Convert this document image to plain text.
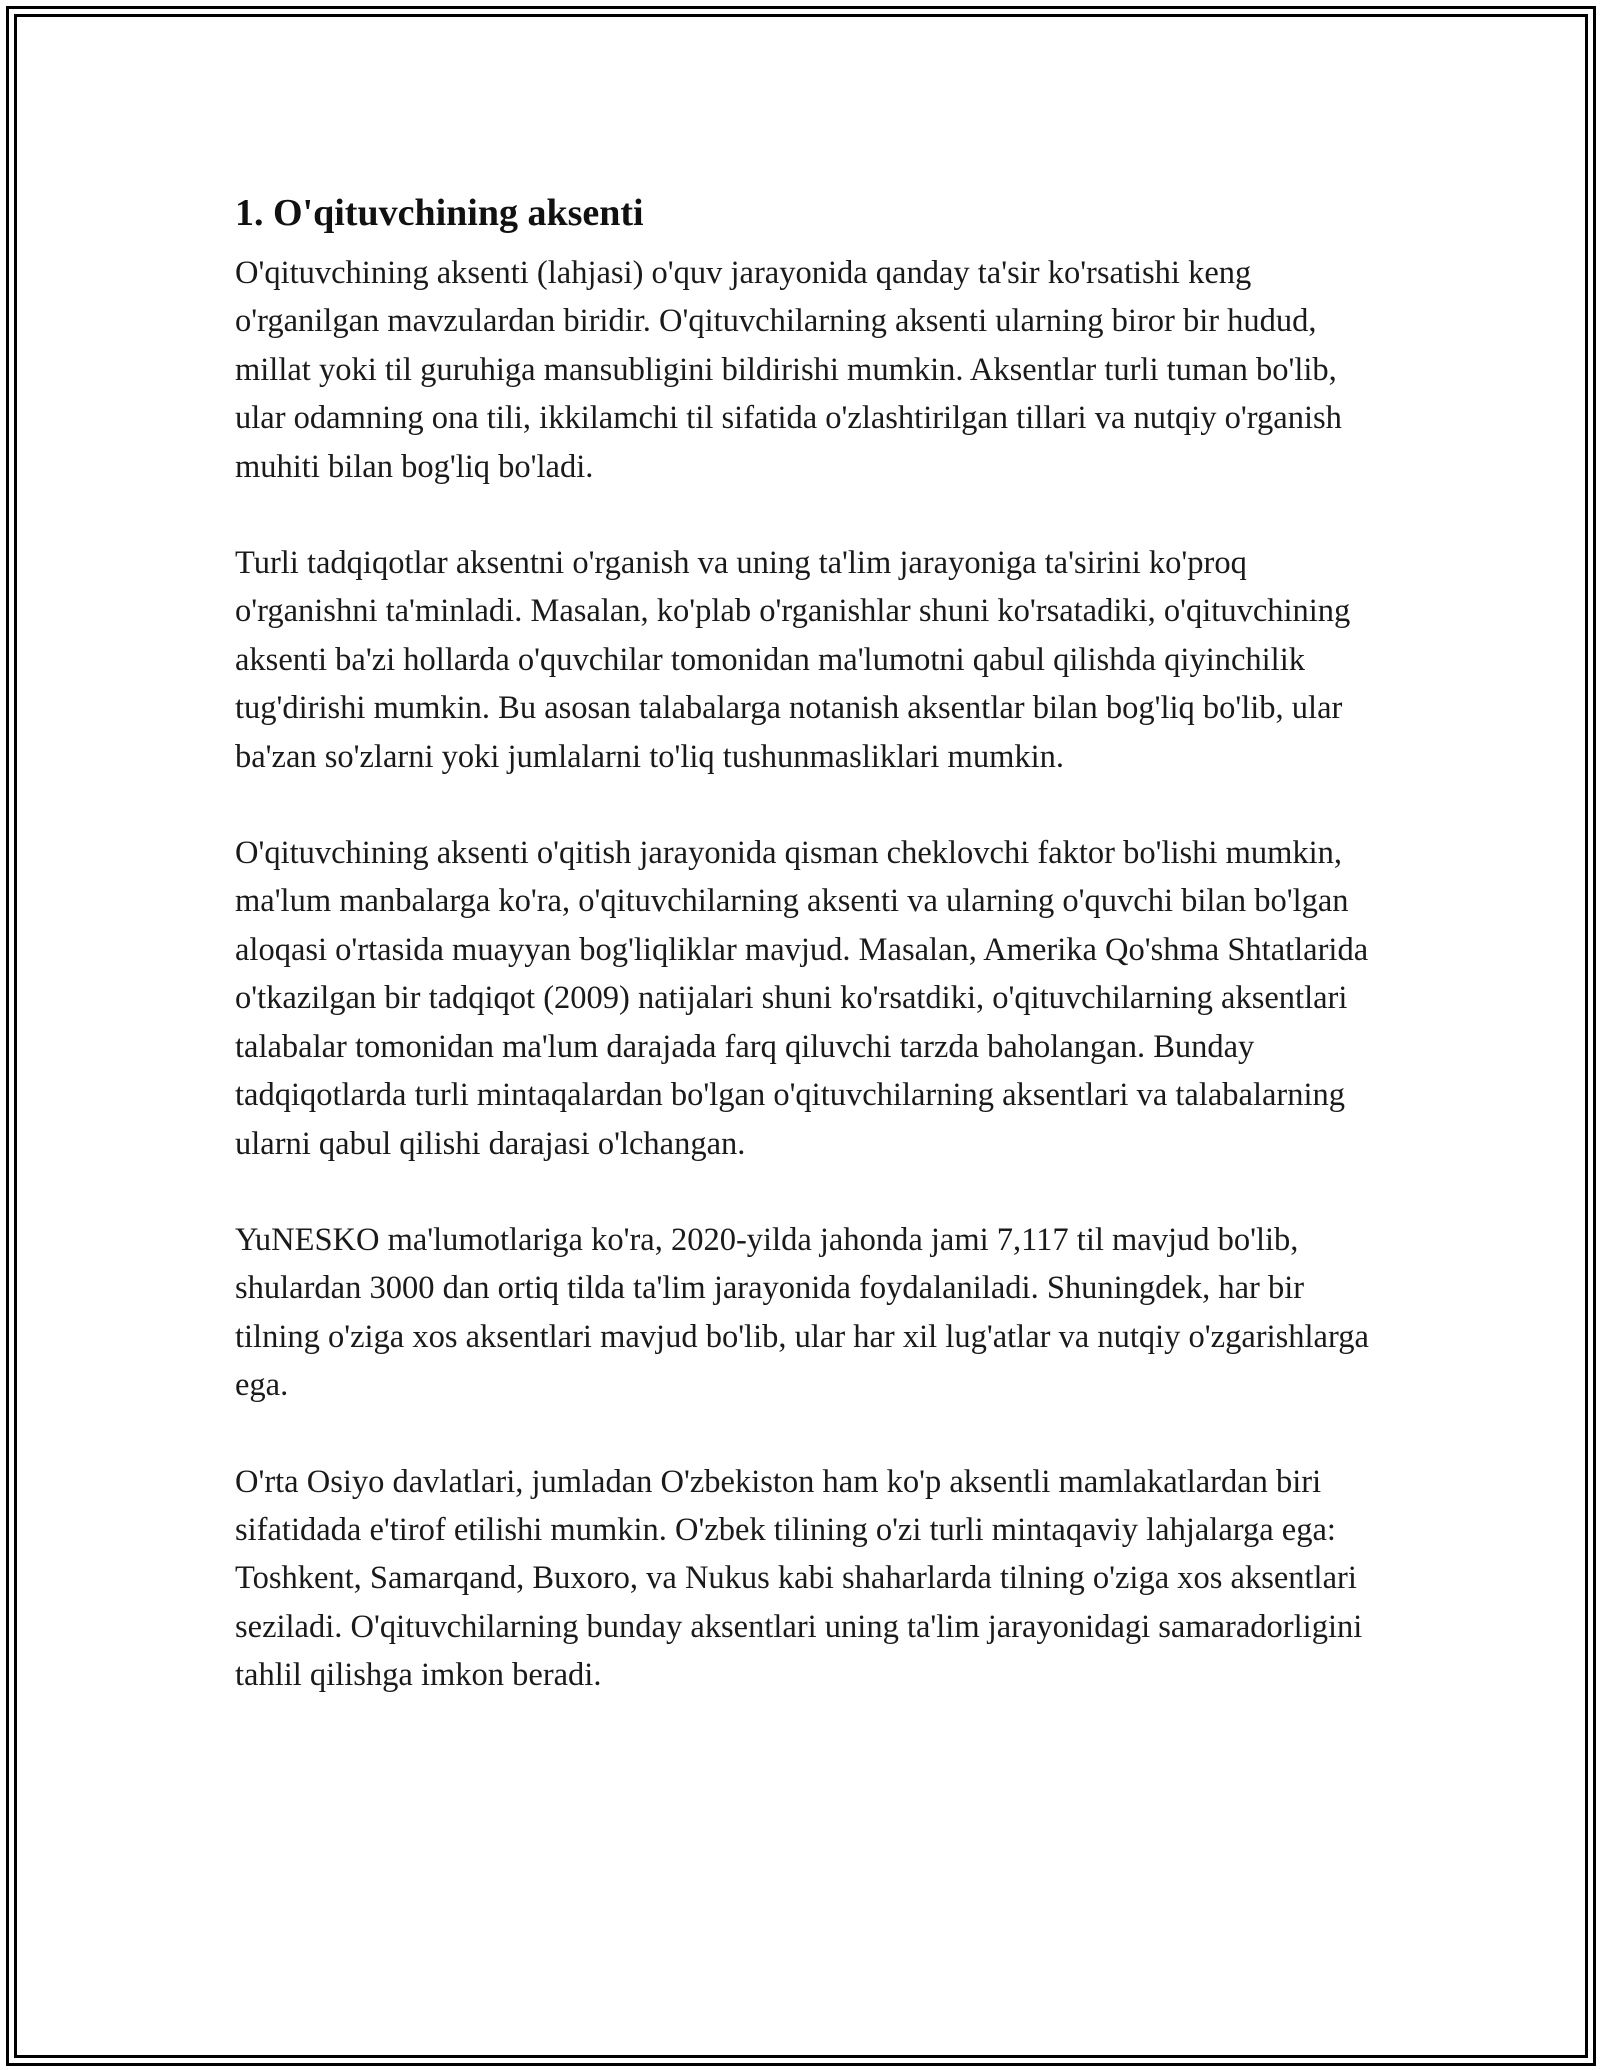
1. O'qituvchining aksenti

O'qituvchining aksenti (lahjasi) o'quv jarayonida qanday ta'sir ko'rsatishi keng o'rganilgan mavzulardan biridir. O'qituvchilarning aksenti ularning biror bir hudud, millat yoki til guruhiga mansubligini bildirishi mumkin. Aksentlar turli tuman bo'lib, ular odamning ona tili, ikkilamchi til sifatida o'zlashtirilgan tillari va nutqiy o'rganish muhiti bilan bog'liq bo'ladi.

Turli tadqiqotlar aksentni o'rganish va uning ta'lim jarayoniga ta'sirini ko'proq o'rganishni ta'minladi. Masalan, ko'plab o'rganishlar shuni ko'rsatadiki, o'qituvchining aksenti ba'zi hollarda o'quvchilar tomonidan ma'lumotni qabul qilishda qiyinchilik tug'dirishi mumkin. Bu asosan talabalarga notanish aksentlar bilan bog'liq bo'lib, ular ba'zan so'zlarni yoki jumlalarni to'liq tushunmasliklari mumkin.

O'qituvchining aksenti o'qitish jarayonida qisman cheklovchi faktor bo'lishi mumkin, ma'lum manbalarga ko'ra, o'qituvchilarning aksenti va ularning o'quvchi bilan bo'lgan aloqasi o'rtasida muayyan bog'liqliklar mavjud. Masalan, Amerika Qo'shma Shtatlarida o'tkazilgan bir tadqiqot (2009) natijalari shuni ko'rsatdiki, o'qituvchilarning aksentlari talabalar tomonidan ma'lum darajada farq qiluvchi tarzda baholangan. Bunday tadqiqotlarda turli mintaqalardan bo'lgan o'qituvchilarning aksentlari va talabalarning ularni qabul qilishi darajasi o'lchangan.

YuNESKO ma'lumotlariga ko'ra, 2020-yilda jahonda jami 7,117 til mavjud bo'lib, shulardan 3000 dan ortiq tilda ta'lim jarayonida foydalaniladi. Shuningdek, har bir tilning o'ziga xos aksentlari mavjud bo'lib, ular har xil lug'atlar va nutqiy o'zgarishlarga ega.

O'rta Osiyo davlatlari, jumladan O'zbekiston ham ko'p aksentli mamlakatlardan biri sifatidada e'tirof etilishi mumkin. O'zbek tilining o'zi turli mintaqaviy lahjalarga ega: Toshkent, Samarqand, Buxoro, va Nukus kabi shaharlarda tilning o'ziga xos aksentlari seziladi. O'qituvchilarning bunday aksentlari uning ta'lim jarayonidagi samaradorligini tahlil qilishga imkon beradi.
